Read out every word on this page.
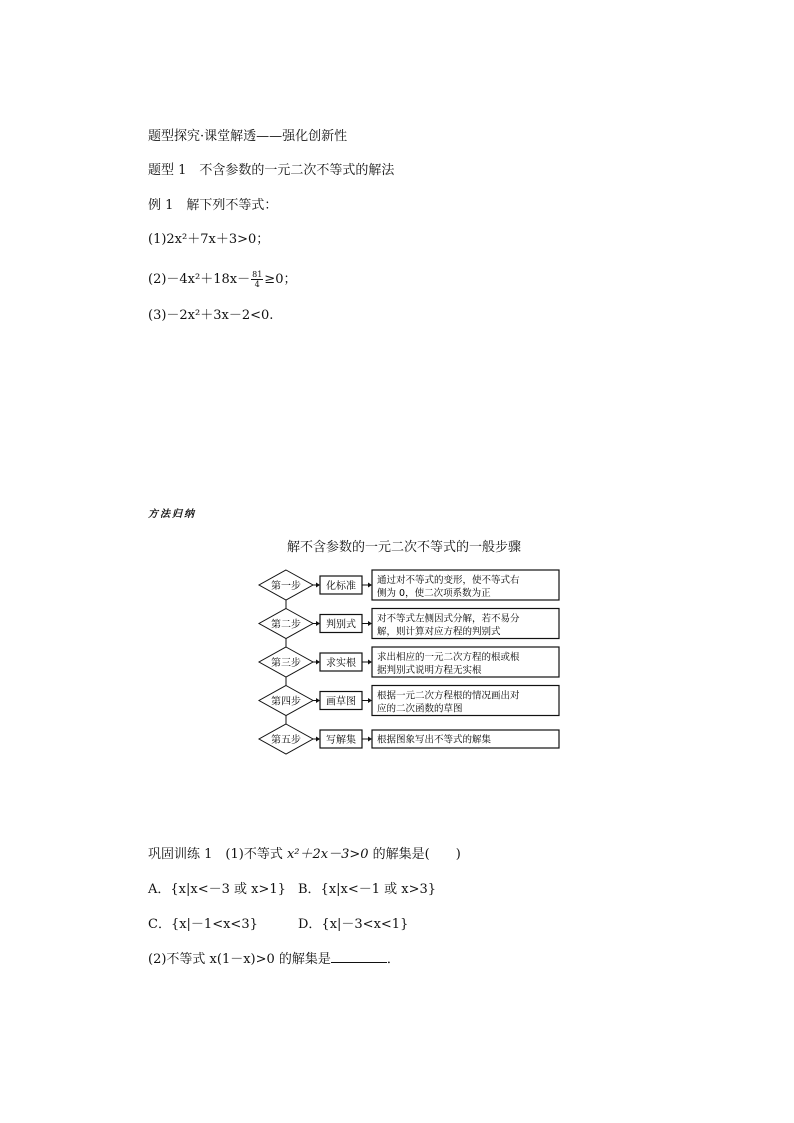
题型探究·课堂解透——强化创新性
题型 1　不含参数的一元二次不等式的解法
例 1　解下列不等式：
(1)2x²＋7x＋3>0；
$(2)-4x^2+18x- \frac{81}{4} \ge 0$；
(3)－2x²＋3x－2<0.
方法归纳
解不含参数的一元二次不等式的一般步骤
第一步	化标准
通过对不等式的变形，使不等式右
侧为 0，使二次项系数为正
第二步	判别式
对不等式左侧因式分解，若不易分
解，则计算对应方程的判别式
第三步	求实根
求出相应的一元二次方程的根或根
据判别式说明方程无实根
第四步	画草图
根据一元二次方程根的情况画出对
应的二次函数的草图
第五步	写解集 根据图象写出不等式的解集
巩固训练 1　(1)不等式 x²＋2x－3>0 的解集是(　　)
A．{x|x<－3 或 x>1} B．{x|x<－1 或 x>3}
C．{x|－1<x<3}	D．{x|－3<x<1}
(2)不等式 x(1－x)>0 的解集是	．
